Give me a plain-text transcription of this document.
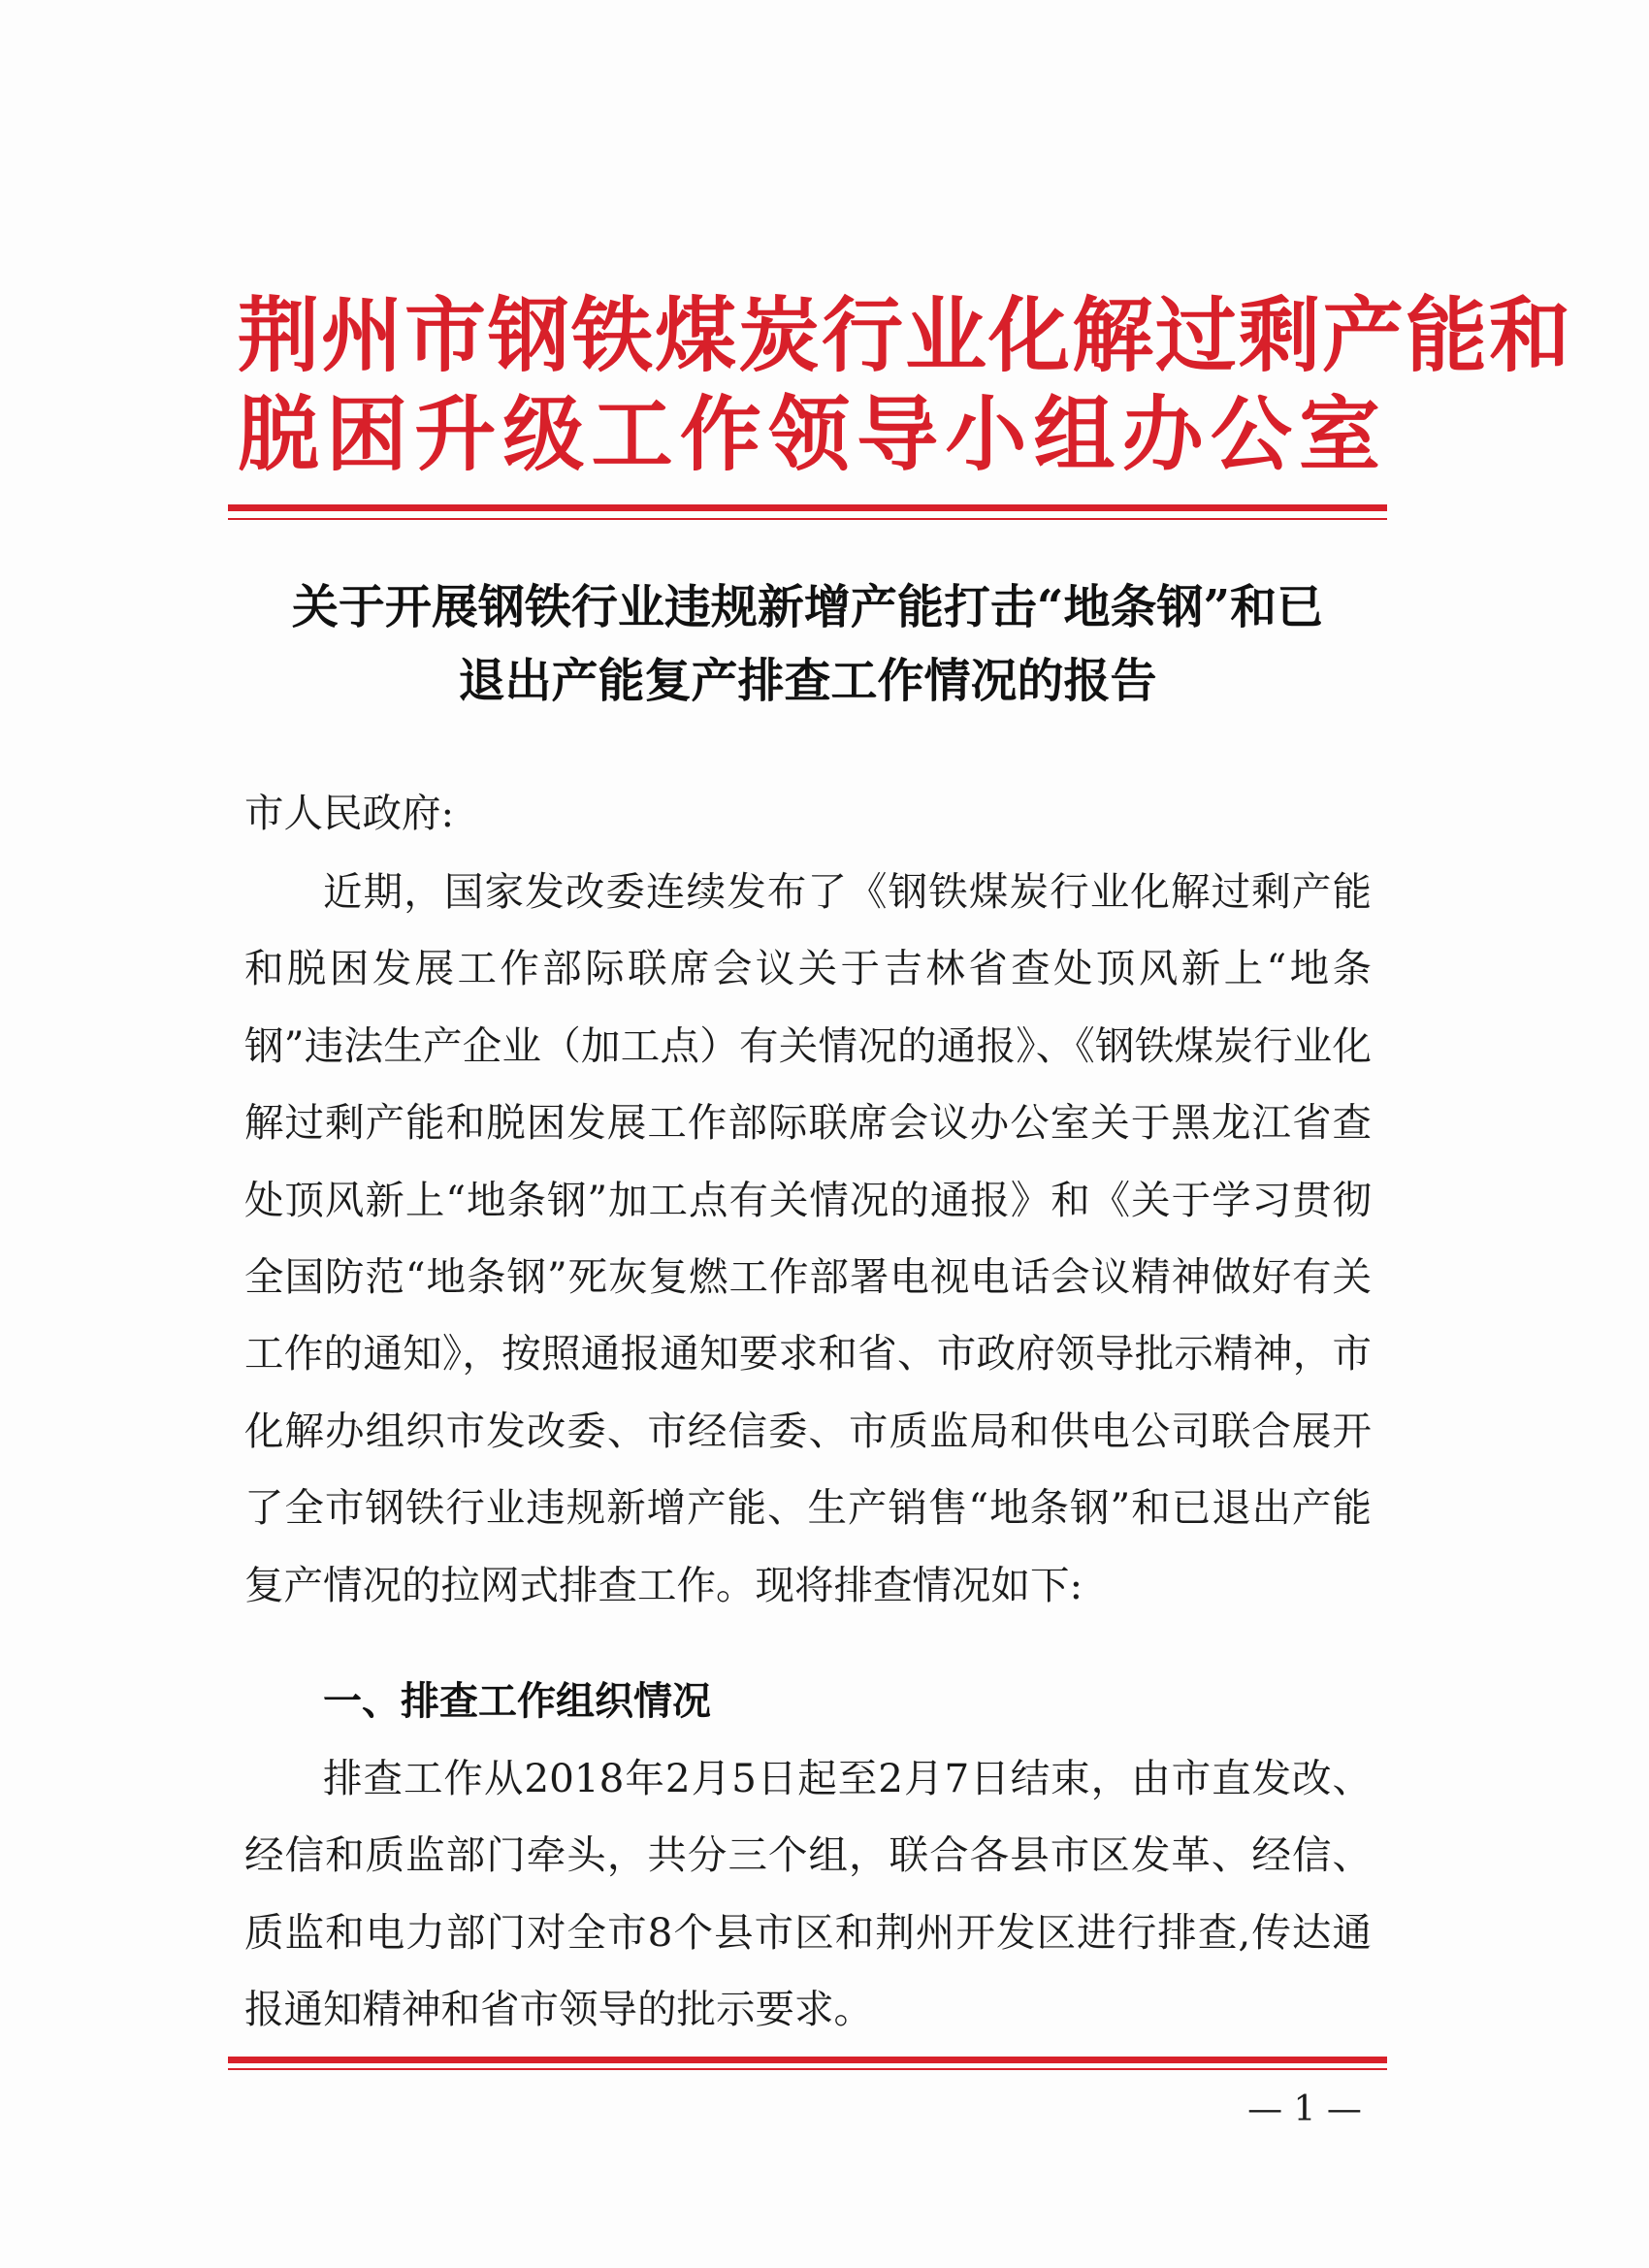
荆州市钢铁煤炭行业化解过剩产能和
脱困升级工作领导小组办公室
关于开展钢铁行业违规新增产能打击“地条钢”和已
退出产能复产排查工作情况的报告
市人民政府:
近期，国家发改委连续发布了《钢铁煤炭行业化解过剩产能和脱困发展工作部际联席会议关于吉林省查处顶风新上“地条钢”违法生产企业（加工点）有关情况的通报》、《钢铁煤炭行业化解过剩产能和脱困发展工作部际联席会议办公室关于黑龙江省查处顶风新上“地条钢”加工点有关情况的通报》和《关于学习贯彻全国防范“地条钢”死灰复燃工作部署电视电话会议精神做好有关工作的通知》，按照通报通知要求和省、市政府领导批示精神，市化解办组织市发改委、市经信委、市质监局和供电公司联合展开了全市钢铁行业违规新增产能、生产销售“地条钢”和已退出产能复产情况的拉网式排查工作。现将排查情况如下:
一、排查工作组织情况
排查工作从2018年2月5日起至2月7日结束，由市直发改、经信和质监部门牵头，共分三个组，联合各县市区发革、经信、质监和电力部门对全市8个县市区和荆州开发区进行排查,传达通报通知精神和省市领导的批示要求。
— 1 —
